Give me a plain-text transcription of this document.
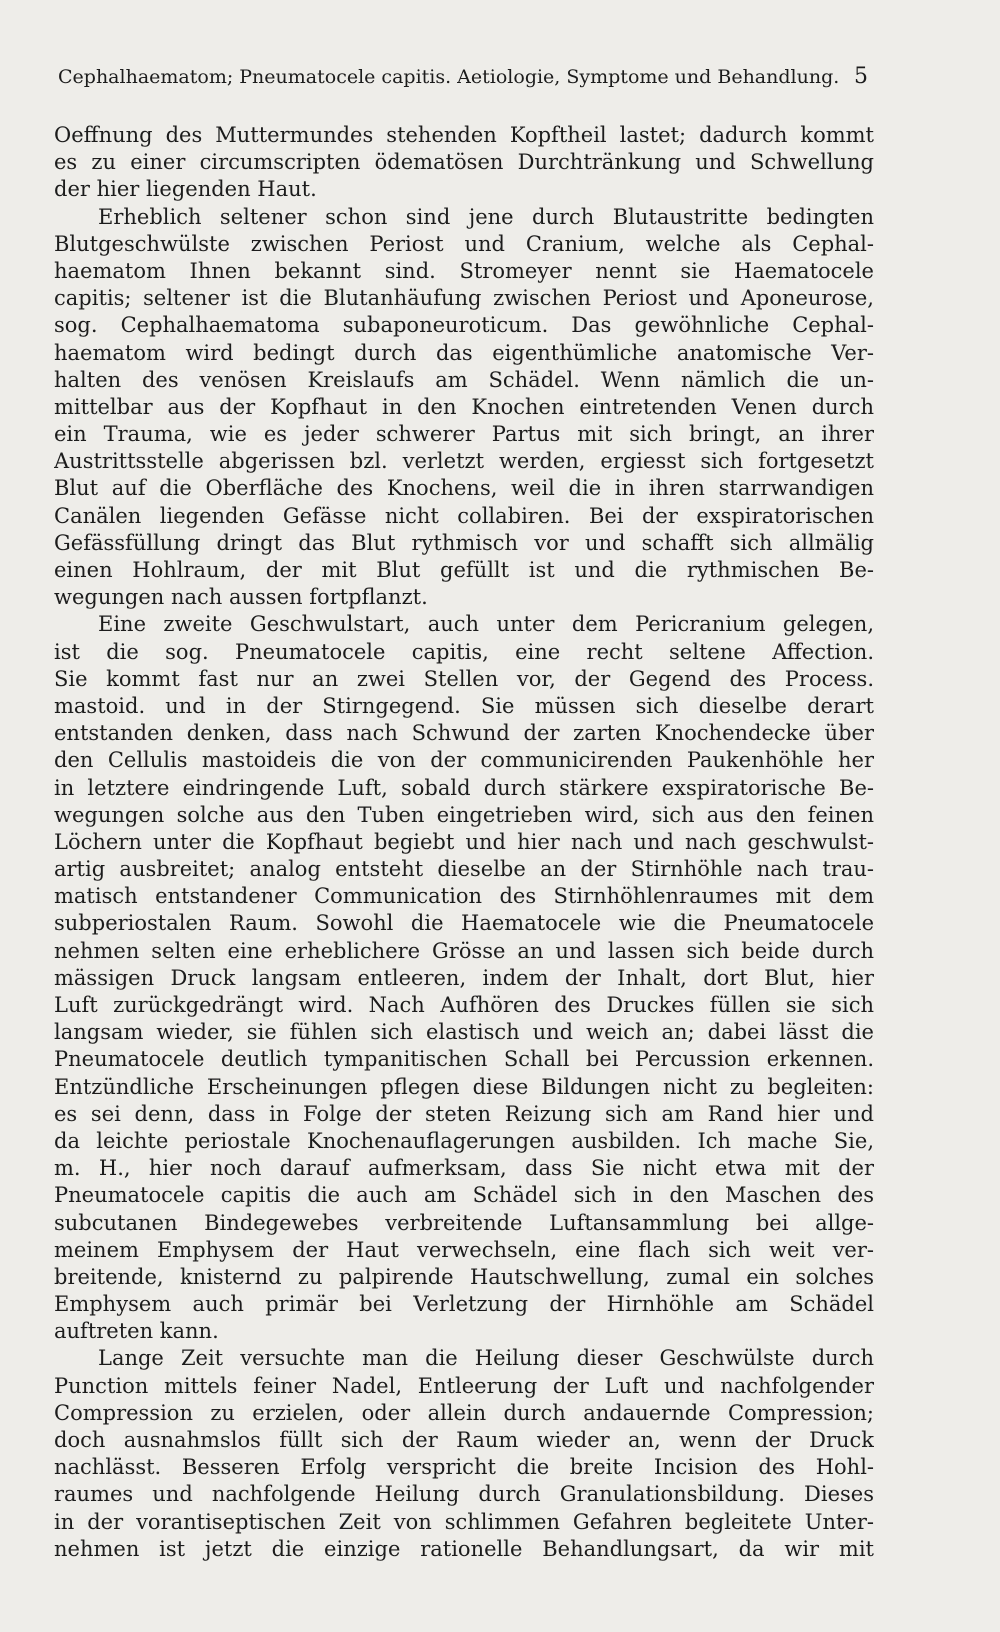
Cephalhaematom; Pneumatocele capitis. Aetiologie, Symptome und Behandlung. 5
Oeffnung des Muttermundes stehenden Kopftheil lastet; dadurch kommt
es zu einer circumscripten ödematösen Durchtränkung und Schwellung
der hier liegenden Haut.
Erheblich seltener schon sind jene durch Blutaustritte bedingten
Blutgeschwülste zwischen Periost und Cranium, welche als Cephal-
haematom Ihnen bekannt sind. Stromeyer nennt sie Haematocele
capitis; seltener ist die Blutanhäufung zwischen Periost und Aponeurose,
sog. Cephalhaematoma subaponeuroticum. Das gewöhnliche Cephal-
haematom wird bedingt durch das eigenthümliche anatomische Ver-
halten des venösen Kreislaufs am Schädel. Wenn nämlich die un-
mittelbar aus der Kopfhaut in den Knochen eintretenden Venen durch
ein Trauma, wie es jeder schwerer Partus mit sich bringt, an ihrer
Austrittsstelle abgerissen bzl. verletzt werden, ergiesst sich fortgesetzt
Blut auf die Oberfläche des Knochens, weil die in ihren starrwandigen
Canälen liegenden Gefässe nicht collabiren. Bei der exspiratorischen
Gefässfüllung dringt das Blut rythmisch vor und schafft sich allmälig
einen Hohlraum, der mit Blut gefüllt ist und die rythmischen Be-
wegungen nach aussen fortpflanzt.
Eine zweite Geschwulstart, auch unter dem Pericranium gelegen,
ist die sog. Pneumatocele capitis, eine recht seltene Affection.
Sie kommt fast nur an zwei Stellen vor, der Gegend des Process.
mastoid. und in der Stirngegend. Sie müssen sich dieselbe derart
entstanden denken, dass nach Schwund der zarten Knochendecke über
den Cellulis mastoideis die von der communicirenden Paukenhöhle her
in letztere eindringende Luft, sobald durch stärkere exspiratorische Be-
wegungen solche aus den Tuben eingetrieben wird, sich aus den feinen
Löchern unter die Kopfhaut begiebt und hier nach und nach geschwulst-
artig ausbreitet; analog entsteht dieselbe an der Stirnhöhle nach trau-
matisch entstandener Communication des Stirnhöhlenraumes mit dem
subperiostalen Raum. Sowohl die Haematocele wie die Pneumatocele
nehmen selten eine erheblichere Grösse an und lassen sich beide durch
mässigen Druck langsam entleeren, indem der Inhalt, dort Blut, hier
Luft zurückgedrängt wird. Nach Aufhören des Druckes füllen sie sich
langsam wieder, sie fühlen sich elastisch und weich an; dabei lässt die
Pneumatocele deutlich tympanitischen Schall bei Percussion erkennen.
Entzündliche Erscheinungen pflegen diese Bildungen nicht zu begleiten:
es sei denn, dass in Folge der steten Reizung sich am Rand hier und
da leichte periostale Knochenauflagerungen ausbilden. Ich mache Sie,
m. H., hier noch darauf aufmerksam, dass Sie nicht etwa mit der
Pneumatocele capitis die auch am Schädel sich in den Maschen des
subcutanen Bindegewebes verbreitende Luftansammlung bei allge-
meinem Emphysem der Haut verwechseln, eine flach sich weit ver-
breitende, knisternd zu palpirende Hautschwellung, zumal ein solches
Emphysem auch primär bei Verletzung der Hirnhöhle am Schädel
auftreten kann.
Lange Zeit versuchte man die Heilung dieser Geschwülste durch
Punction mittels feiner Nadel, Entleerung der Luft und nachfolgender
Compression zu erzielen, oder allein durch andauernde Compression;
doch ausnahmslos füllt sich der Raum wieder an, wenn der Druck
nachlässt. Besseren Erfolg verspricht die breite Incision des Hohl-
raumes und nachfolgende Heilung durch Granulationsbildung. Dieses
in der vorantiseptischen Zeit von schlimmen Gefahren begleitete Unter-
nehmen ist jetzt die einzige rationelle Behandlungsart, da wir mit
